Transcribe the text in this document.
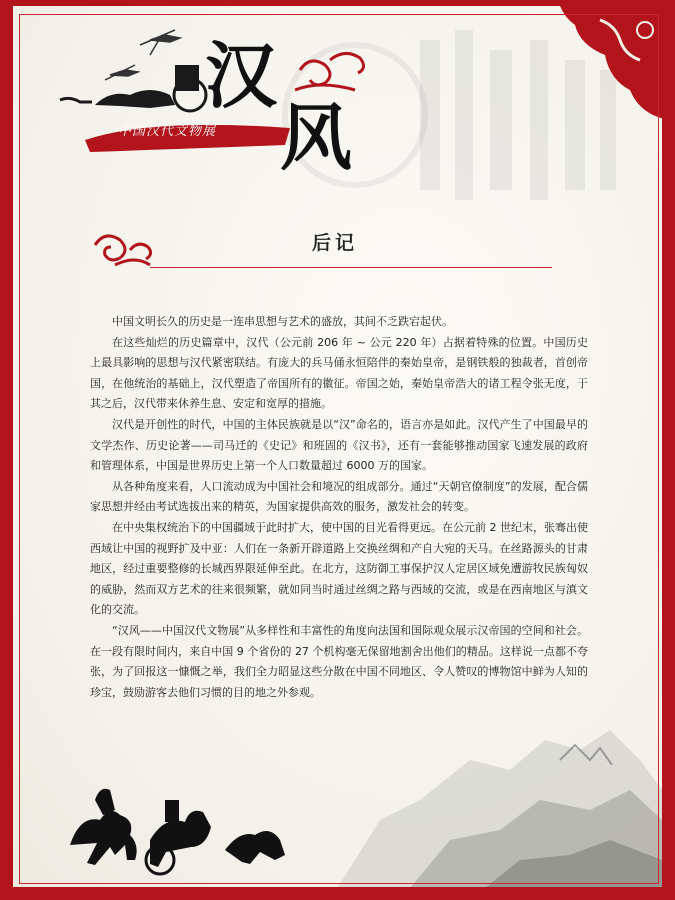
汉
风
中国汉代文物展
后记

中国文明长久的历史是一连串思想与艺术的盛放，其间不乏跌宕起伏。

在这些灿烂的历史篇章中，汉代（公元前 206 年 ~ 公元 220 年）占据着特殊的位置。中国历史上最具影响的思想与汉代紧密联结。有庞大的兵马俑永恒陪伴的秦始皇帝，是钢铁般的独裁者，首创帝国，在他统治的基础上，汉代塑造了帝国所有的徽征。帝国之始，秦始皇帝浩大的诸工程令张无度，于其之后，汉代带来休养生息、安定和宽厚的措施。

汉代是开创性的时代，中国的主体民族就是以“汉”命名的，语言亦是如此。汉代产生了中国最早的文学杰作、历史论著——司马迁的《史记》和班固的《汉书》，还有一套能够推动国家飞速发展的政府和管理体系，中国是世界历史上第一个人口数量超过 6000 万的国家。

从各种角度来看，人口流动成为中国社会和境况的组成部分。通过“天朝官僚制度”的发展，配合儒家思想并经由考试选拔出来的精英，为国家提供高效的服务，激发社会的转变。

在中央集权统治下的中国疆域于此时扩大，使中国的目光看得更远。在公元前 2 世纪末，张骞出使西域让中国的视野扩及中亚：人们在一条新开辟道路上交换丝绸和产自大宛的天马。在丝路源头的甘肃地区，经过重要整修的长城西界限延伸至此。在北方，这防御工事保护汉人定居区域免遭游牧民族匈奴的威胁，然而双方艺术的往来很频繁，就如同当时通过丝绸之路与西域的交流，或是在西南地区与滇文化的交流。

“汉风——中国汉代文物展”从多样性和丰富性的角度向法国和国际观众展示汉帝国的空间和社会。在一段有限时间内，来自中国 9 个省份的 27 个机构毫无保留地割舍出他们的精品。这样说一点都不夸张，为了回报这一慷慨之举，我们全力昭显这些分散在中国不同地区、令人赞叹的博物馆中鲜为人知的珍宝，鼓励游客去他们习惯的目的地之外参观。
